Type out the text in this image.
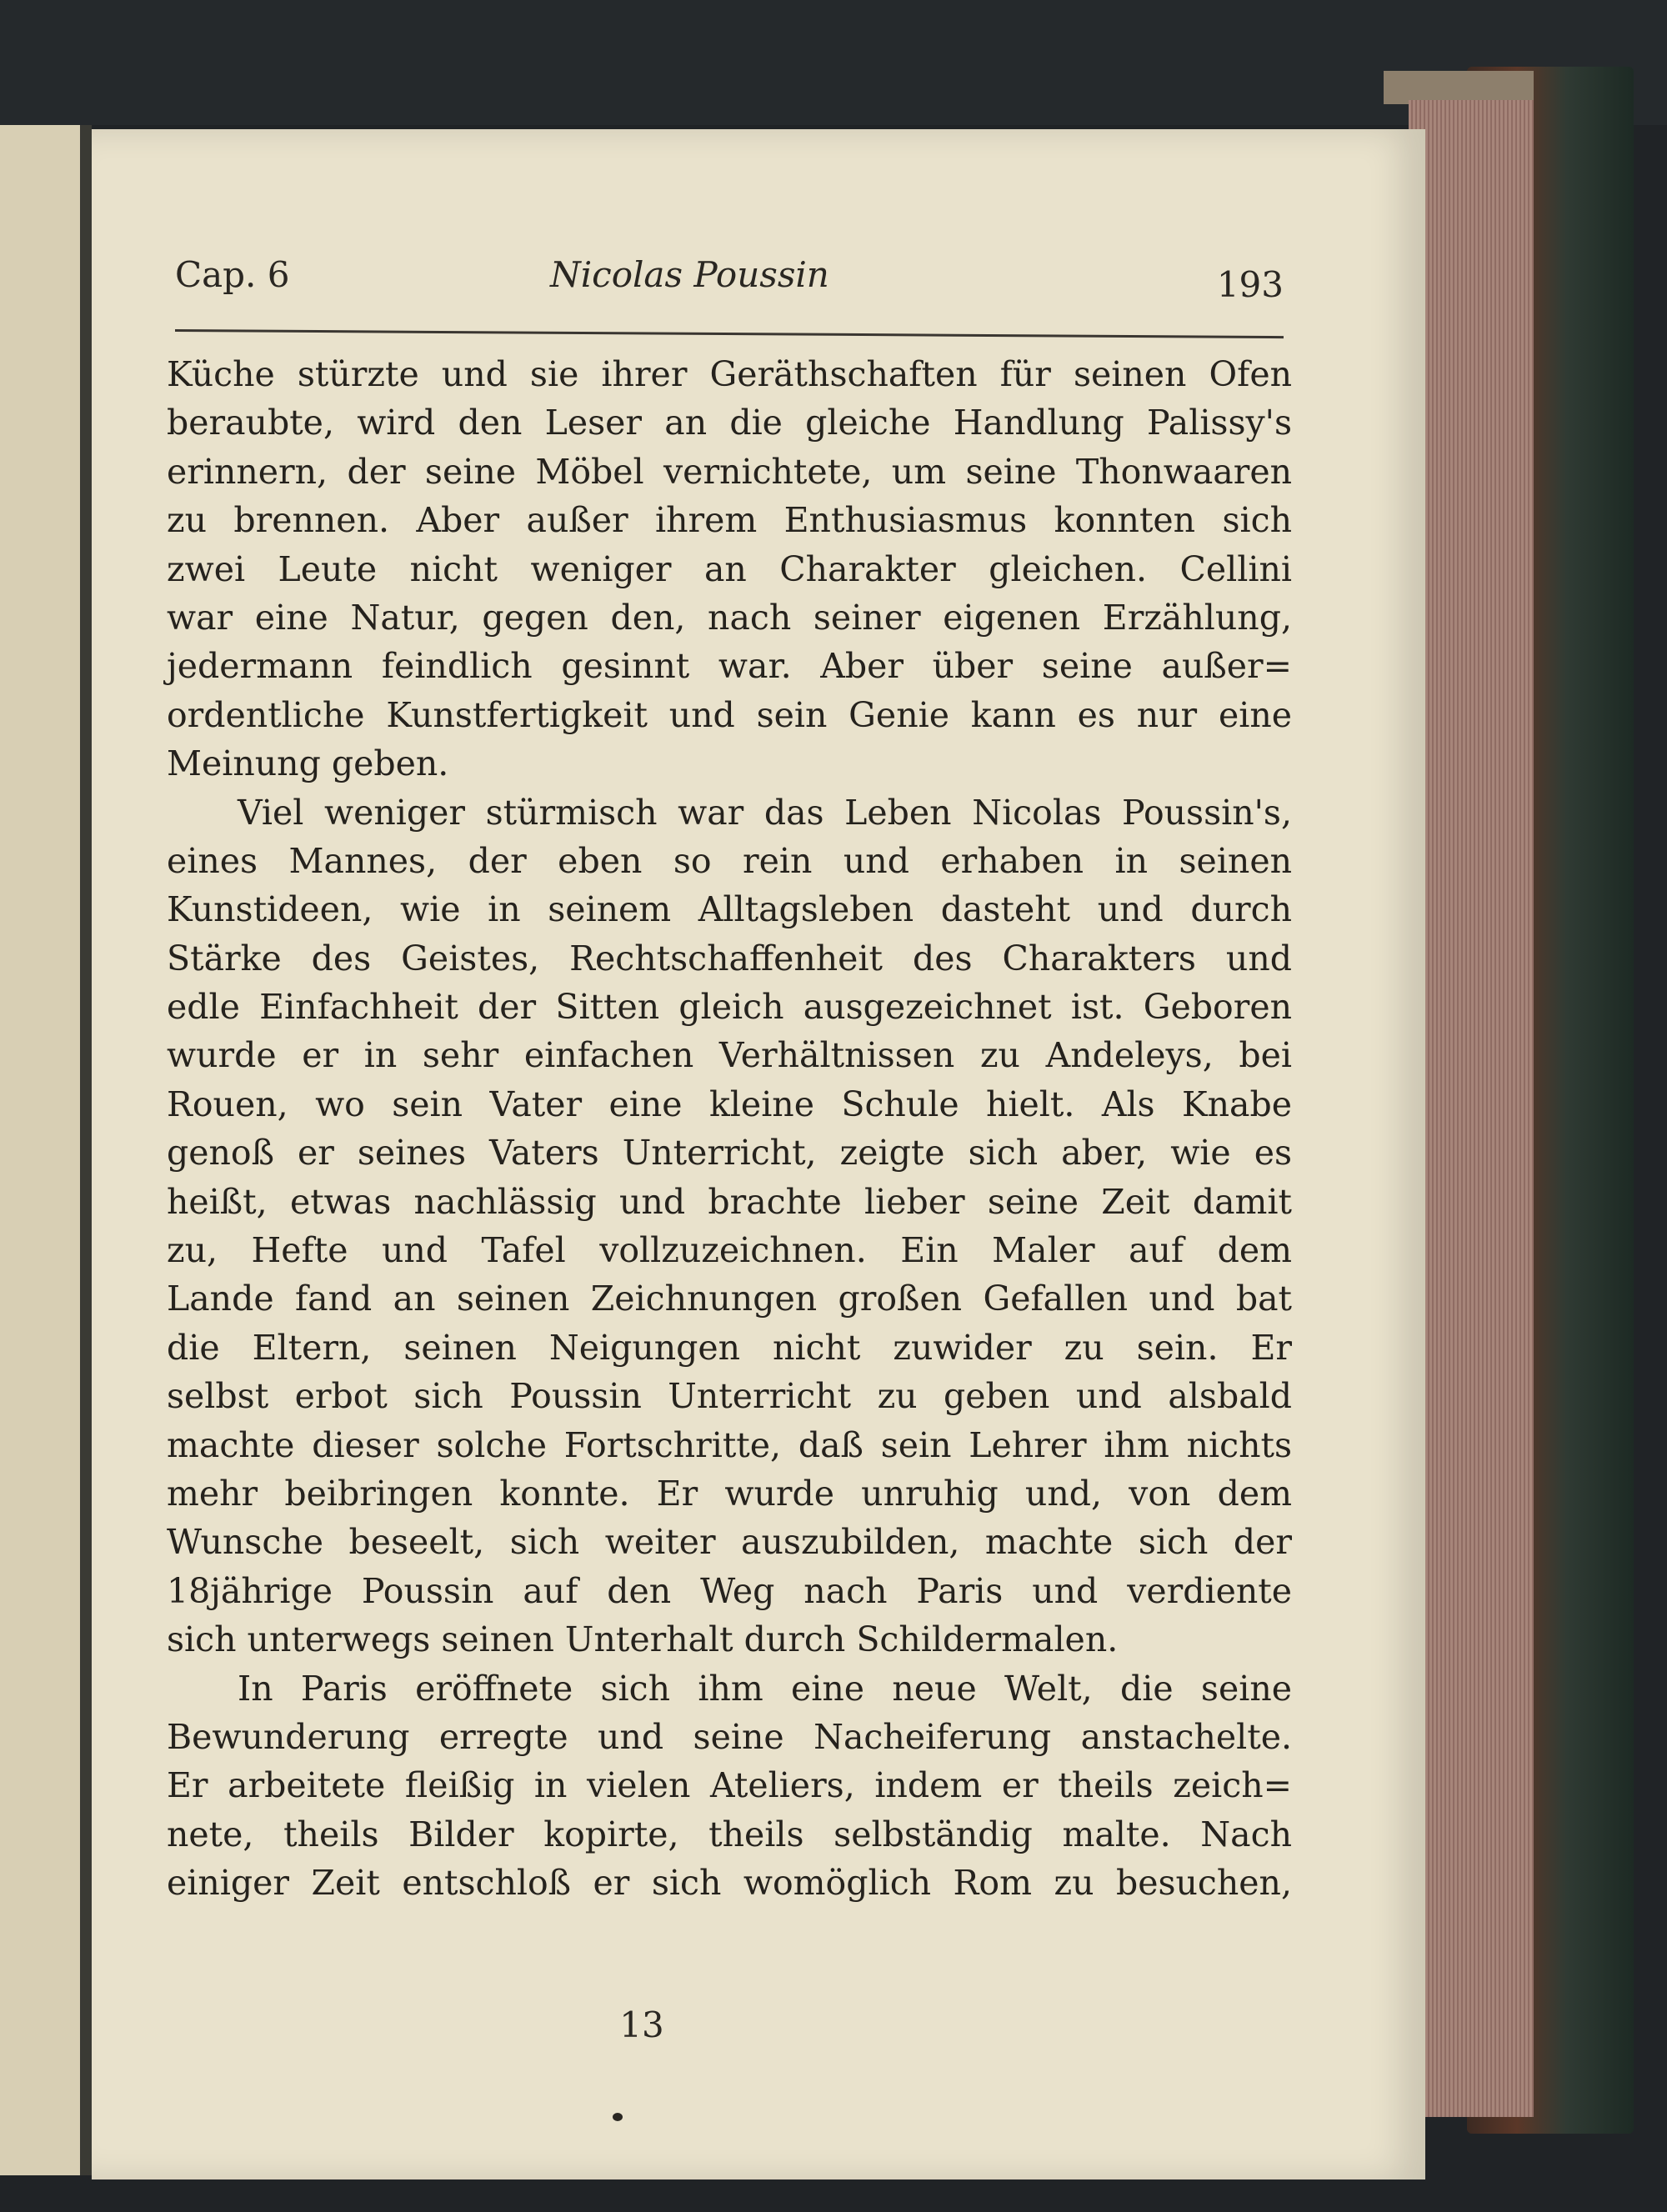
Cap. 6	Nicolas Poussin	193
Küche stürzte und sie ihrer Geräthschaften für seinen Ofen
beraubte, wird den Leser an die gleiche Handlung Palissy's
erinnern, der seine Möbel vernichtete, um seine Thonwaaren
zu brennen. Aber außer ihrem Enthusiasmus konnten sich
zwei Leute nicht weniger an Charakter gleichen. Cellini
war eine Natur, gegen den, nach seiner eigenen Erzählung,
jedermann feindlich gesinnt war. Aber über seine außer=
ordentliche Kunstfertigkeit und sein Genie kann es nur eine
Meinung geben.
Viel weniger stürmisch war das Leben Nicolas Poussin's,
eines Mannes, der eben so rein und erhaben in seinen
Kunstideen, wie in seinem Alltagsleben dasteht und durch
Stärke des Geistes, Rechtschaffenheit des Charakters und
edle Einfachheit der Sitten gleich ausgezeichnet ist. Geboren
wurde er in sehr einfachen Verhältnissen zu Andeleys, bei
Rouen, wo sein Vater eine kleine Schule hielt. Als Knabe
genoß er seines Vaters Unterricht, zeigte sich aber, wie es
heißt, etwas nachlässig und brachte lieber seine Zeit damit
zu, Hefte und Tafel vollzuzeichnen. Ein Maler auf dem
Lande fand an seinen Zeichnungen großen Gefallen und bat
die Eltern, seinen Neigungen nicht zuwider zu sein. Er
selbst erbot sich Poussin Unterricht zu geben und alsbald
machte dieser solche Fortschritte, daß sein Lehrer ihm nichts
mehr beibringen konnte. Er wurde unruhig und, von dem
Wunsche beseelt, sich weiter auszubilden, machte sich der
18jährige Poussin auf den Weg nach Paris und verdiente
sich unterwegs seinen Unterhalt durch Schildermalen.
In Paris eröffnete sich ihm eine neue Welt, die seine
Bewunderung erregte und seine Nacheiferung anstachelte.
Er arbeitete fleißig in vielen Ateliers, indem er theils zeich=
nete, theils Bilder kopirte, theils selbständig malte. Nach
einiger Zeit entschloß er sich womöglich Rom zu besuchen,
13
